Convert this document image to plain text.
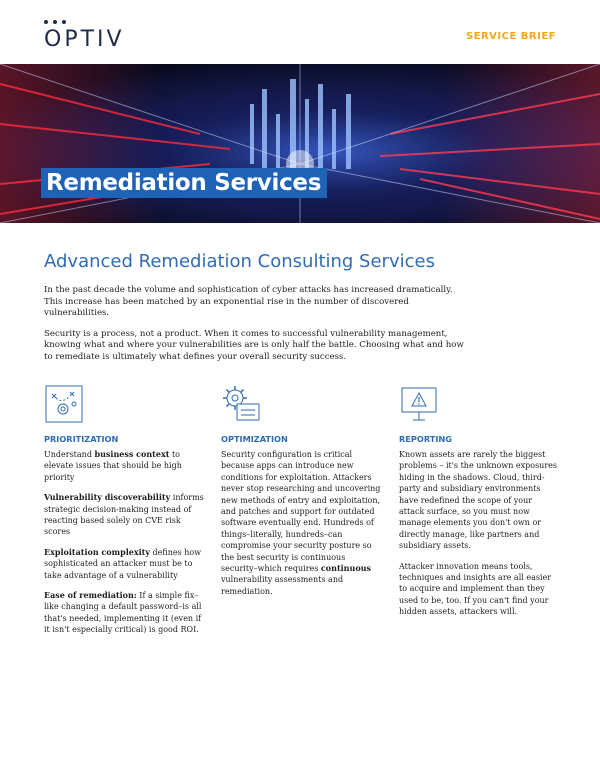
OPTIV	SERVICE BRIEF
Remediation Services
Advanced Remediation Consulting Services

In the past decade the volume and sophistication of cyber attacks has increased dramatically.
This increase has been matched by an exponential rise in the number of discovered vulnerabilities.

Security is a process, not a product. When it comes to successful vulnerability management, knowing what and where your vulnerabilities are is only half the battle. Choosing what and how to remediate is ultimately what defines your overall security success.

PRIORITIZATION

Understand business context to elevate issues that should be high priority

Vulnerability discoverability informs strategic decision-making instead of reacting based solely on CVE risk scores

Exploitation complexity defines how sophisticated an attacker must be to take advantage of a vulnerability

Ease of remediation: If a simple fix–like changing a default password–is all that's needed, implementing it (even if it isn't especially critical) is good ROI.

OPTIMIZATION

Security configuration is critical because apps can introduce new conditions for exploitation. Attackers never stop researching and uncovering new methods of entry and exploitation, and patches and support for outdated software eventually end. Hundreds of things–literally, hundreds–can compromise your security posture so the best security is continuous security–which requires continuous vulnerability assessments and remediation.

REPORTING

Known assets are rarely the biggest problems – it's the unknown exposures hiding in the shadows. Cloud, third-party and subsidiary environments have redefined the scope of your attack surface, so you must now manage elements you don't own or directly manage, like partners and subsidiary assets.

Attacker innovation means tools, techniques and insights are all easier to acquire and implement than they used to be, too. If you can't find your hidden assets, attackers will.
